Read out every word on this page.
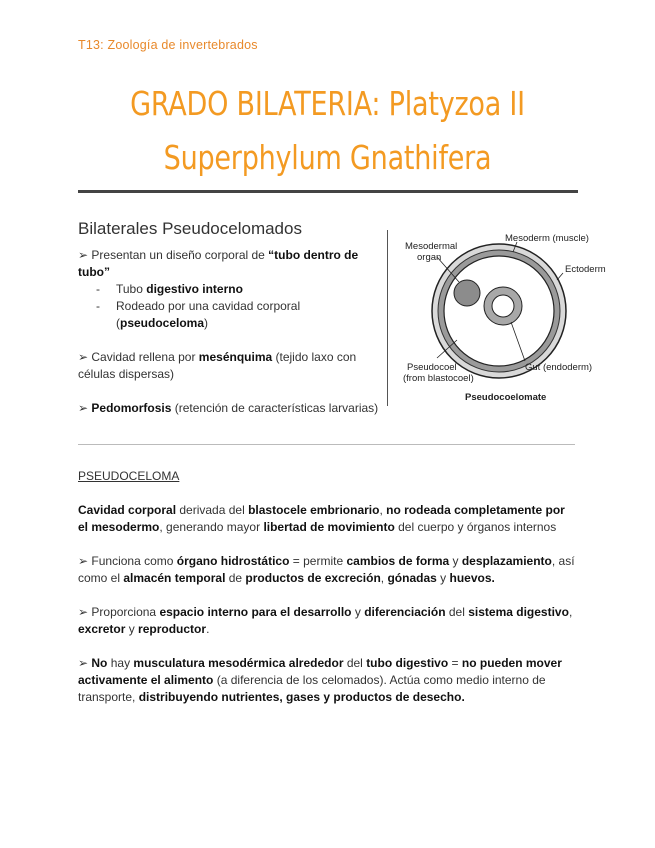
T13: Zoología de invertebrados
GRADO BILATERIA: Platyzoa II
Superphylum Gnathifera
Bilaterales Pseudocelomados

➢ Presentan un diseño corporal de “tubo dentro de tubo”

-	Tubo digestivo interno
-	Rodeado por una cavidad corporal (pseudoceloma)

➢ Cavidad rellena por mesénquima (tejido laxo con células dispersas)

➢ Pedomorfosis (retención de características larvarias)

Mesoderm (muscle)
Mesodermal
organ
Ectoderm
Pseudocoel
(from blastocoel)
Gut (endoderm)
Pseudocoelomate
PSEUDOCELOMA

Cavidad corporal derivada del blastocele embrionario, no rodeada completamente por el mesodermo, generando mayor libertad de movimiento del cuerpo y órganos internos

➢ Funciona como órgano hidrostático = permite cambios de forma y desplazamiento, así como el almacén temporal de productos de excreción, gónadas y huevos.

➢ Proporciona espacio interno para el desarrollo y diferenciación del sistema digestivo, excretor y reproductor.

➢ No hay musculatura mesodérmica alrededor del tubo digestivo = no pueden mover activamente el alimento (a diferencia de los celomados). Actúa como medio interno de transporte, distribuyendo nutrientes, gases y productos de desecho.
